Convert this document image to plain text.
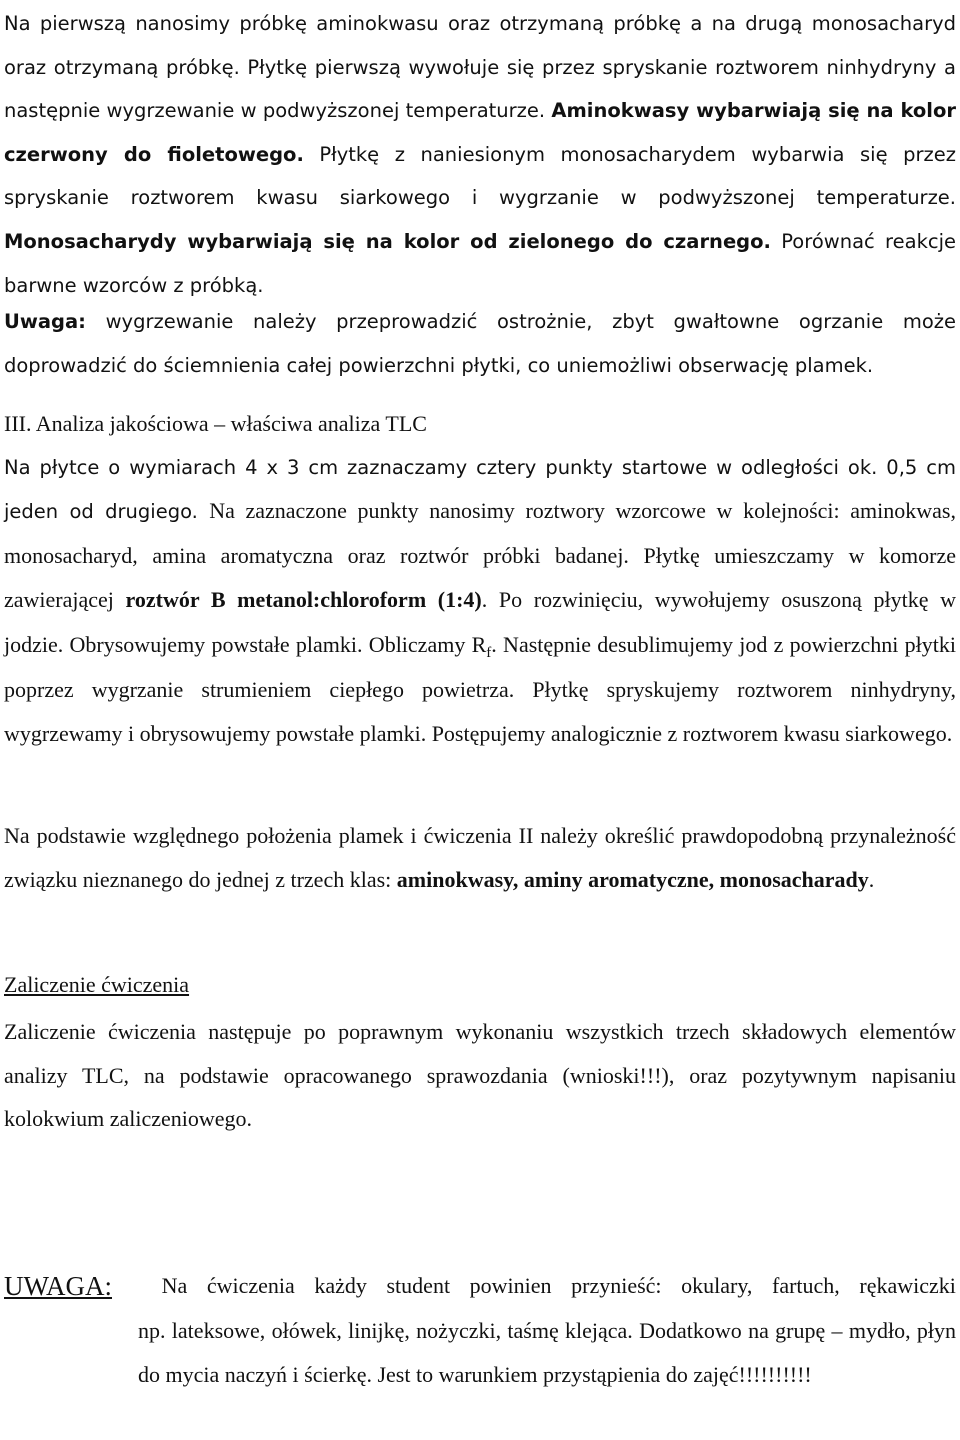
Na pierwszą nanosimy próbkę aminokwasu oraz otrzymaną próbkę a na drugą monosacharyd oraz otrzymaną próbkę. Płytkę pierwszą wywołuje się przez spryskanie roztworem ninhydryny a następnie wygrzewanie w podwyższonej temperaturze. Aminokwasy wybarwiają się na kolor czerwony do fioletowego. Płytkę z naniesionym monosacharydem wybarwia się przez spryskanie roztworem kwasu siarkowego i wygrzanie w podwyższonej temperaturze. Monosacharydy wybarwiają się na kolor od zielonego do czarnego. Porównać reakcje barwne wzorców z próbką.

Uwaga: wygrzewanie należy przeprowadzić ostrożnie, zbyt gwałtowne ogrzanie może doprowadzić do ściemnienia całej powierzchni płytki, co uniemożliwi obserwację plamek.

III. Analiza jakościowa – właściwa analiza TLC
Na płytce o wymiarach 4 x 3 cm zaznaczamy cztery punkty startowe w odległości ok. 0,5 cm jeden od drugiego. Na zaznaczone punkty nanosimy roztwory wzorcowe w kolejności: aminokwas, monosacharyd, amina aromatyczna oraz roztwór próbki badanej. Płytkę umieszczamy w komorze zawierającej roztwór B metanol:chloroform (1:4). Po rozwinięciu, wywołujemy osuszoną płytkę w jodzie. Obrysowujemy powstałe plamki. Obliczamy $R_f$. Następnie desublimujemy jod z powierzchni płytki poprzez wygrzanie strumieniem ciepłego powietrza. Płytkę spryskujemy roztworem ninhydryny, wygrzewamy i obrysowujemy powstałe plamki. Postępujemy analogicznie z roztworem kwasu siarkowego.

Na podstawie względnego położenia plamek i ćwiczenia II należy określić prawdopodobną przynależność związku nieznanego do jednej z trzech klas: aminokwasy, aminy aromatyczne, monosacharady.

Zaliczenie ćwiczenia

Zaliczenie ćwiczenia następuje po poprawnym wykonaniu wszystkich trzech składowych elementów analizy TLC, na podstawie opracowanego sprawozdania (wnioski!!!), oraz pozytywnym napisaniu kolokwium zaliczeniowego.

UWAGA:	Na ćwiczenia każdy student powinien przynieść: okulary, fartuch, rękawiczki
np. lateksowe, ołówek, linijkę, nożyczki, taśmę klejąca. Dodatkowo na grupę – mydło, płyn do mycia naczyń i ścierkę. Jest to warunkiem przystąpienia do zajęć!!!!!!!!!!
